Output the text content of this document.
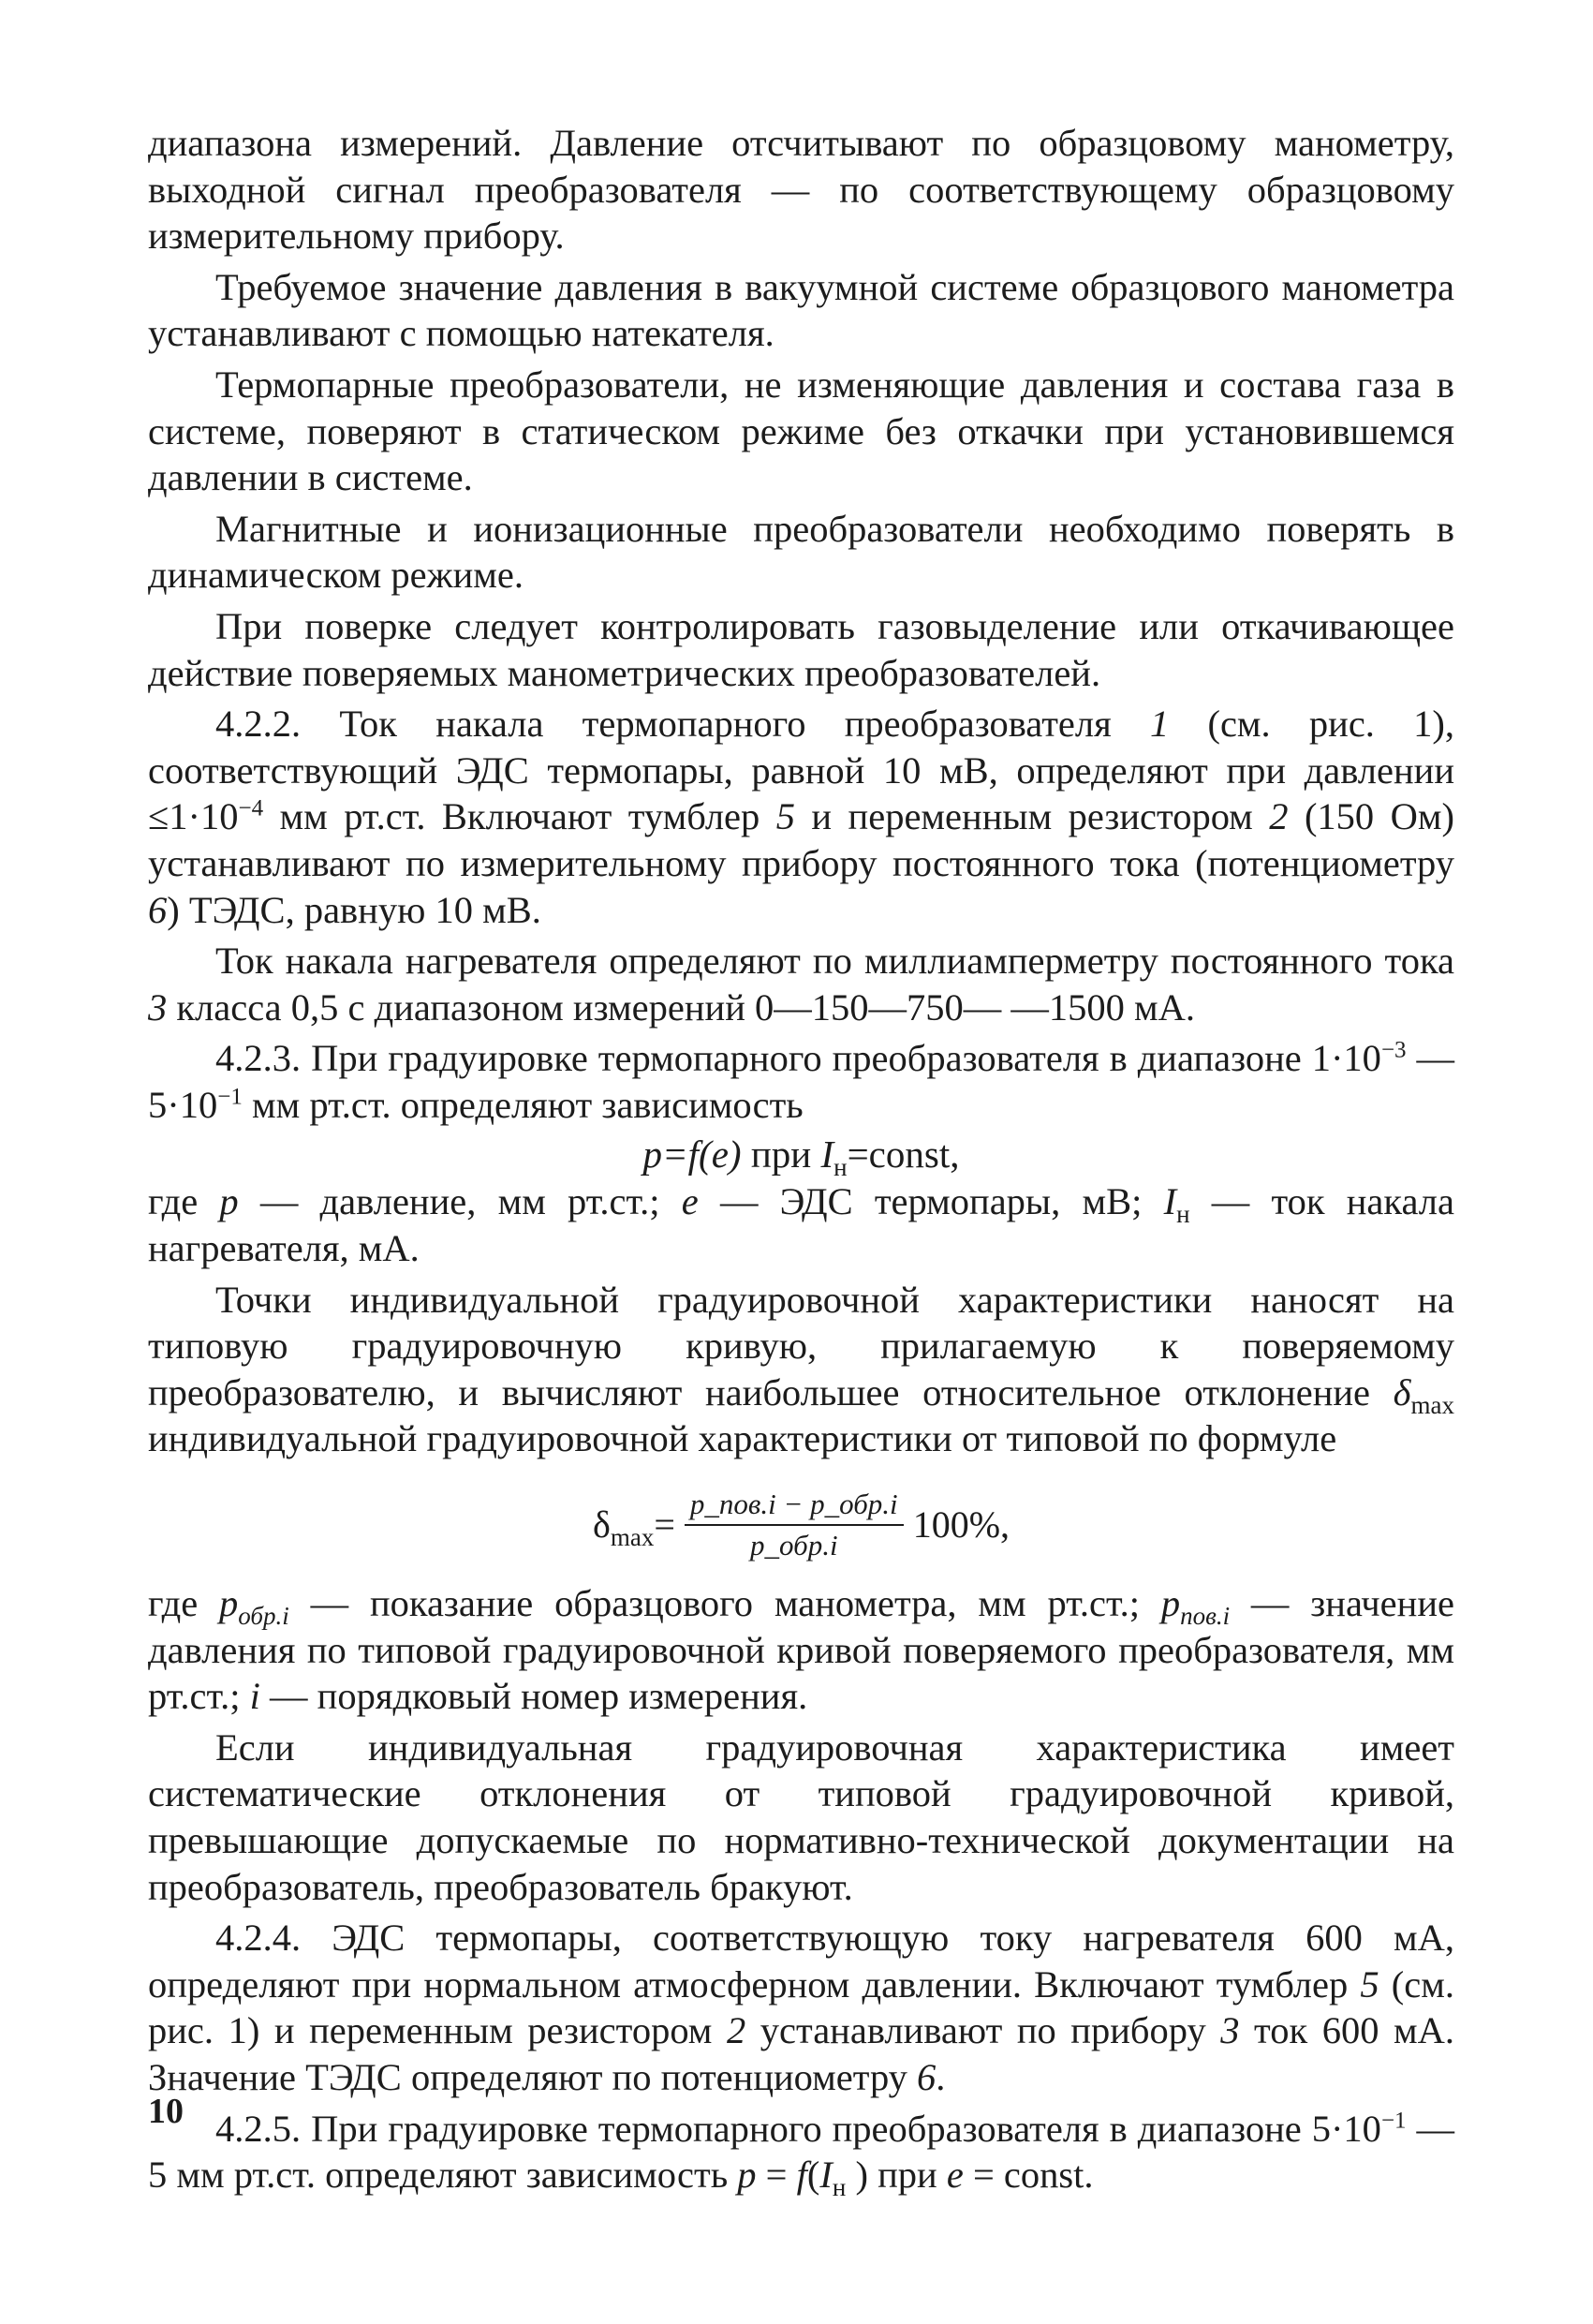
диапазона измерений. Давление отсчитывают по образцовому манометру, выходной сигнал преобразователя — по соответствующему образцовому измерительному прибору.

Требуемое значение давления в вакуумной системе образцового манометра устанавливают с помощью натекателя.

Термопарные преобразователи, не изменяющие давления и состава газа в системе, поверяют в статическом режиме без откачки при установившемся давлении в системе.

Магнитные и ионизационные преобразователи необходимо поверять в динамическом режиме.

При поверке следует контролировать газовыделение или откачивающее действие поверяемых манометрических преобразователей.

4.2.2. Ток накала термопарного преобразователя 1 (см. рис. 1), соответствующий ЭДС термопары, равной 10 мВ, определяют при давлении $\le 1\cdot 10^{-4}$ мм рт.ст. Включают тумблер 5 и переменным резистором 2 (150 Ом) устанавливают по измерительному прибору постоянного тока (потенциометру 6) ТЭДС, равную 10 мВ.

Ток накала нагревателя определяют по миллиамперметру постоянного тока 3 класса 0,5 с диапазоном измерений 0—150—750— —1500 мА.

4.2.3. При градуировке термопарного преобразователя в диапазоне $1\cdot 10^{-3}$ — $5\cdot 10^{-1}$ мм рт.ст. определяют зависимость

p=f(e) при $I_н=const$,

где p — давление, мм рт.ст.; e — ЭДС термопары, мВ; $I_н$ — ток накала нагревателя, мА.

Точки индивидуальной градуировочной характеристики наносят на типовую градуировочную кривую, прилагаемую к поверяемому преобразователю, и вычисляют наибольшее относительное отклонение $\delta_{max}$ индивидуальной градуировочной характеристики от типовой по формуле

$\delta_{max}= \frac{\text{p\_пов.i − p\_обр.i}}{\text{p\_обр.i}} 100\%$,

где $p_{обр.i}$ — показание образцового манометра, мм рт.ст.; $p_{пов.i}$ — значение давления по типовой градуировочной кривой поверяемого преобразователя, мм рт.ст.; i — порядковый номер измерения.

Если индивидуальная градуировочная характеристика имеет систематические отклонения от типовой градуировочной кривой, превышающие допускаемые по нормативно-технической документации на преобразователь, преобразователь бракуют.

4.2.4. ЭДС термопары, соответствующую току нагревателя 600 мА, определяют при нормальном атмосферном давлении. Включают тумблер 5 (см. рис. 1) и переменным резистором 2 устанавливают по прибору 3 ток 600 мА. Значение ТЭДС определяют по потенциометру 6.

4.2.5. При градуировке термопарного преобразователя в диапазоне $5\cdot 10^{-1}$ — 5 мм рт.ст. определяют зависимость $p = f(I_н$ ) при e = const.

10
